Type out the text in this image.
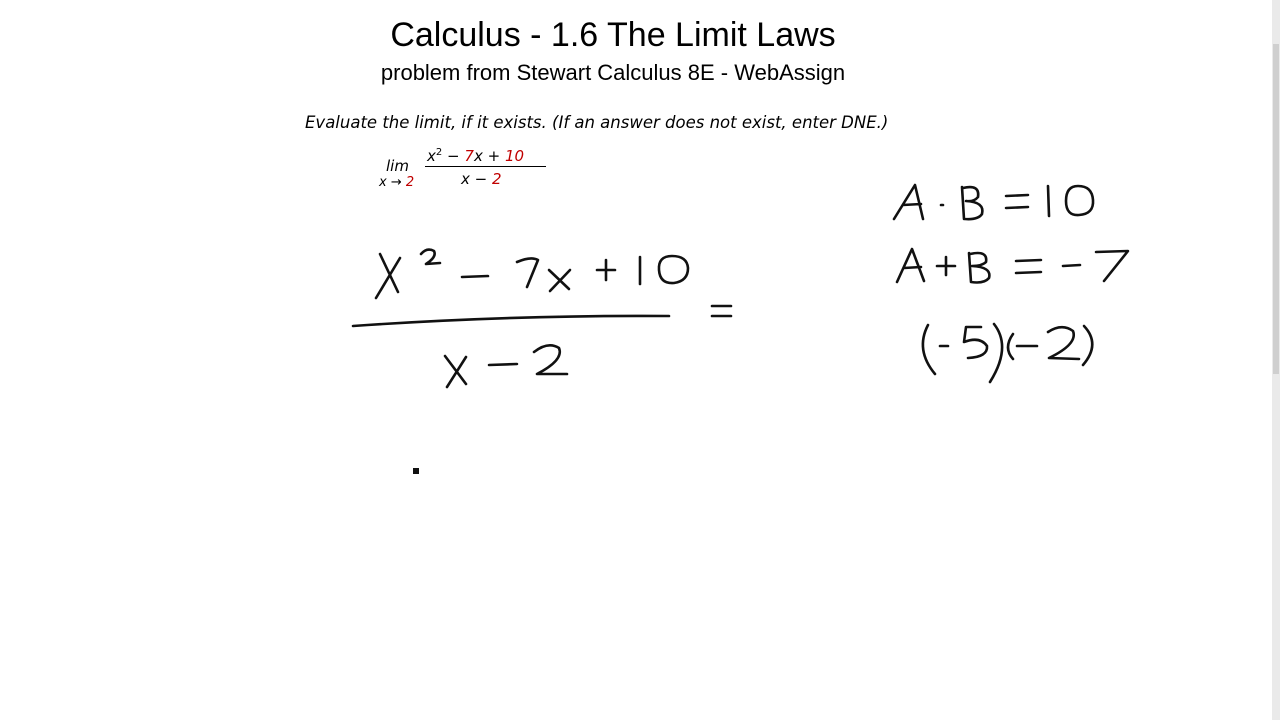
Calculus - 1.6 The Limit Laws
problem from Stewart Calculus 8E - WebAssign
Evaluate the limit, if it exists. (If an answer does not exist, enter DNE.)
lim
x → 2
$x^2 - 7x + 10$
x − 2
